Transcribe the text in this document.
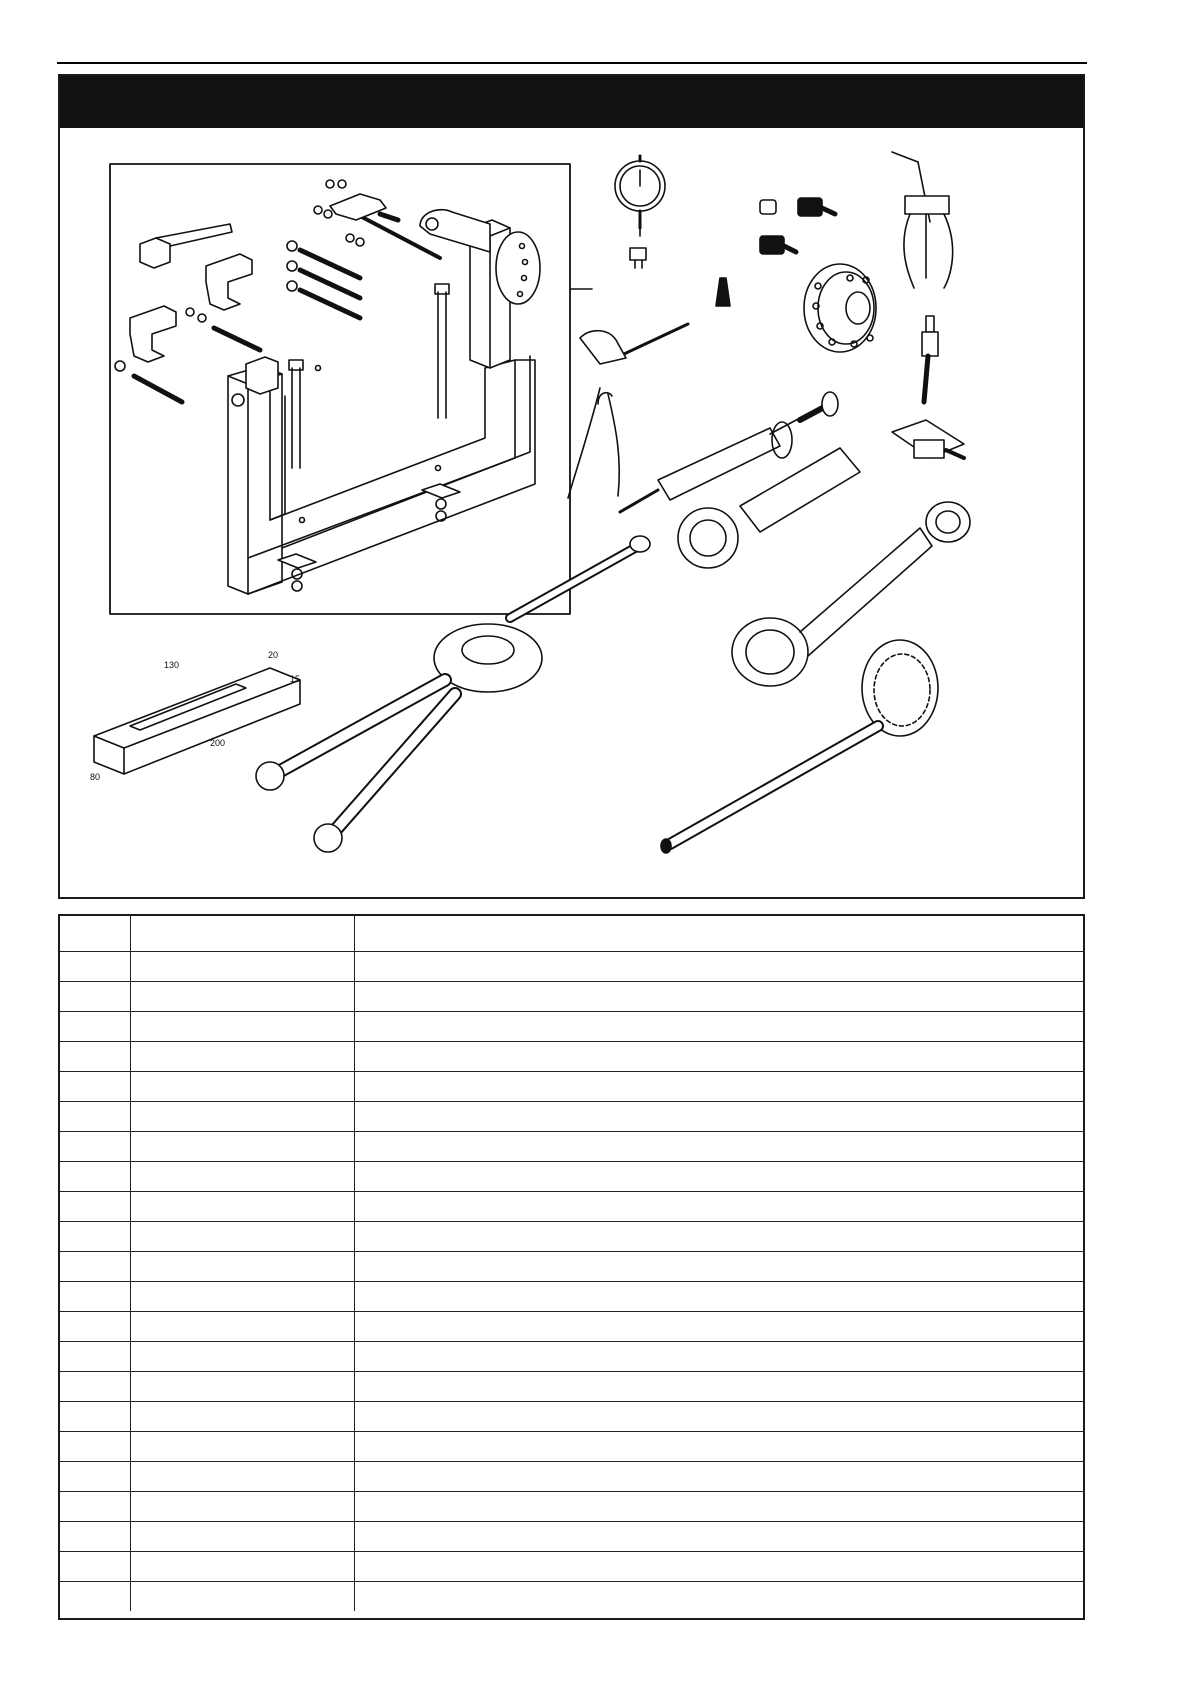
130
20
15
80
200
